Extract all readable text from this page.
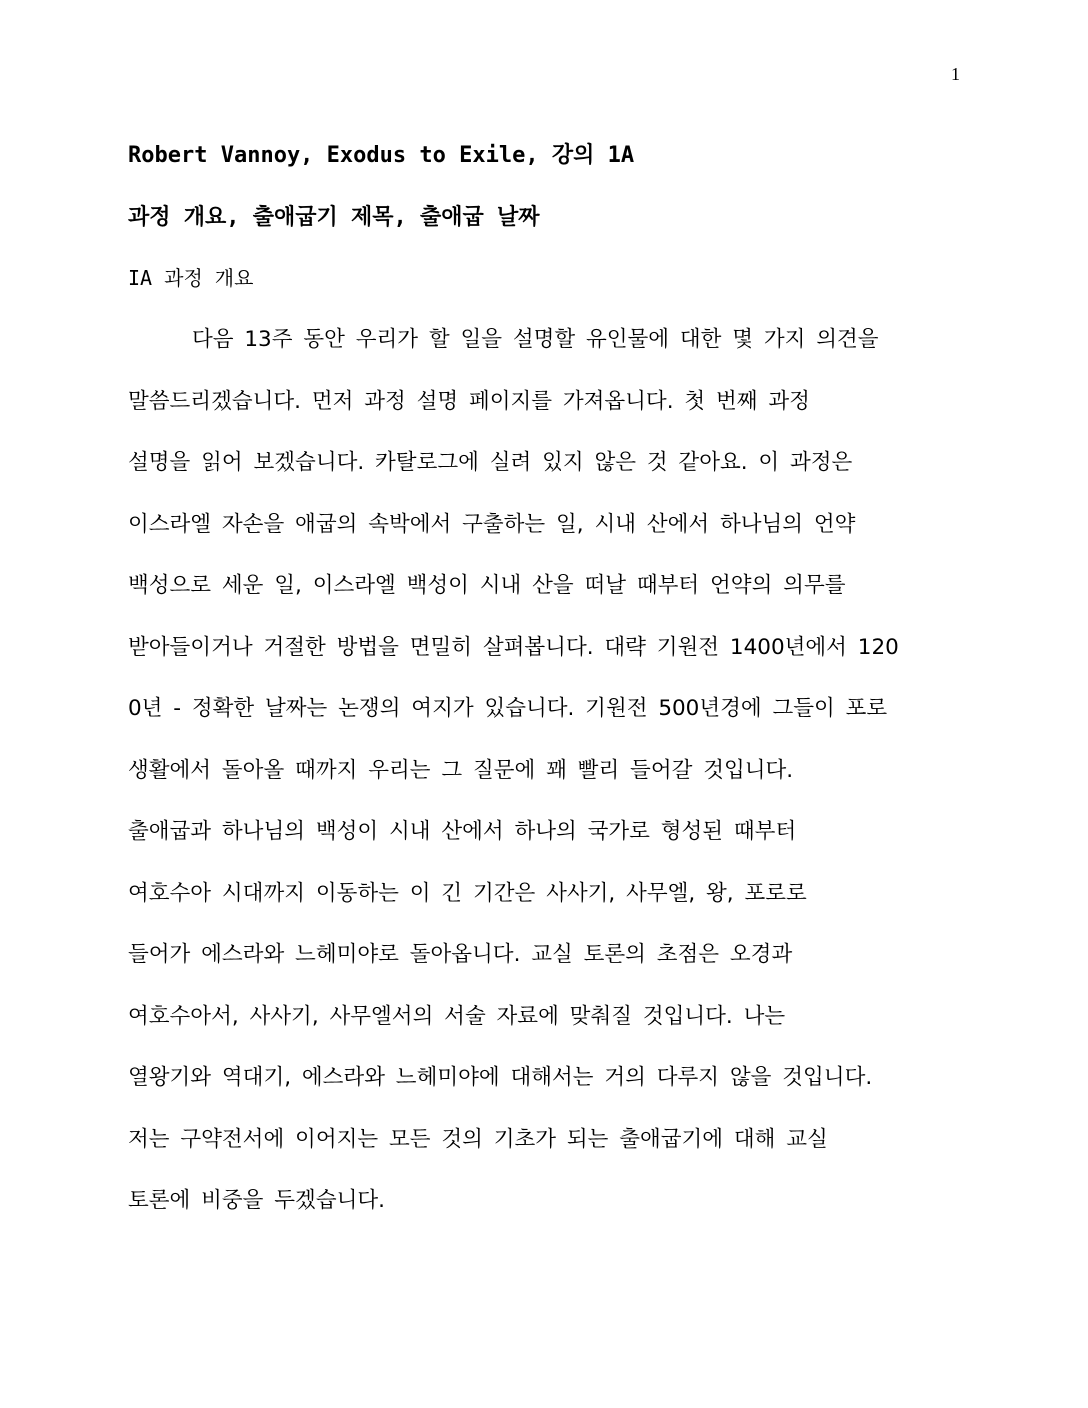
1
Robert Vannoy, Exodus to Exile, 강의 1A
과정 개요, 출애굽기 제목, 출애굽 날짜
IA 과정 개요
다음 13주 동안 우리가 할 일을 설명할 유인물에 대한 몇 가지 의견을
말씀드리겠습니다. 먼저 과정 설명 페이지를 가져옵니다. 첫 번째 과정
설명을 읽어 보겠습니다. 카탈로그에 실려 있지 않은 것 같아요. 이 과정은
이스라엘 자손을 애굽의 속박에서 구출하는 일, 시내 산에서 하나님의 언약
백성으로 세운 일, 이스라엘 백성이 시내 산을 떠날 때부터 언약의 의무를
받아들이거나 거절한 방법을 면밀히 살펴봅니다. 대략 기원전 1400년에서 120
0년 - 정확한 날짜는 논쟁의 여지가 있습니다. 기원전 500년경에 그들이 포로
생활에서 돌아올 때까지 우리는 그 질문에 꽤 빨리 들어갈 것입니다.
출애굽과 하나님의 백성이 시내 산에서 하나의 국가로 형성된 때부터
여호수아 시대까지 이동하는 이 긴 기간은 사사기, 사무엘, 왕, 포로로
들어가 에스라와 느헤미야로 돌아옵니다. 교실 토론의 초점은 오경과
여호수아서, 사사기, 사무엘서의 서술 자료에 맞춰질 것입니다. 나는
열왕기와 역대기, 에스라와 느헤미야에 대해서는 거의 다루지 않을 것입니다.
저는 구약전서에 이어지는 모든 것의 기초가 되는 출애굽기에 대해 교실
토론에 비중을 두겠습니다.
